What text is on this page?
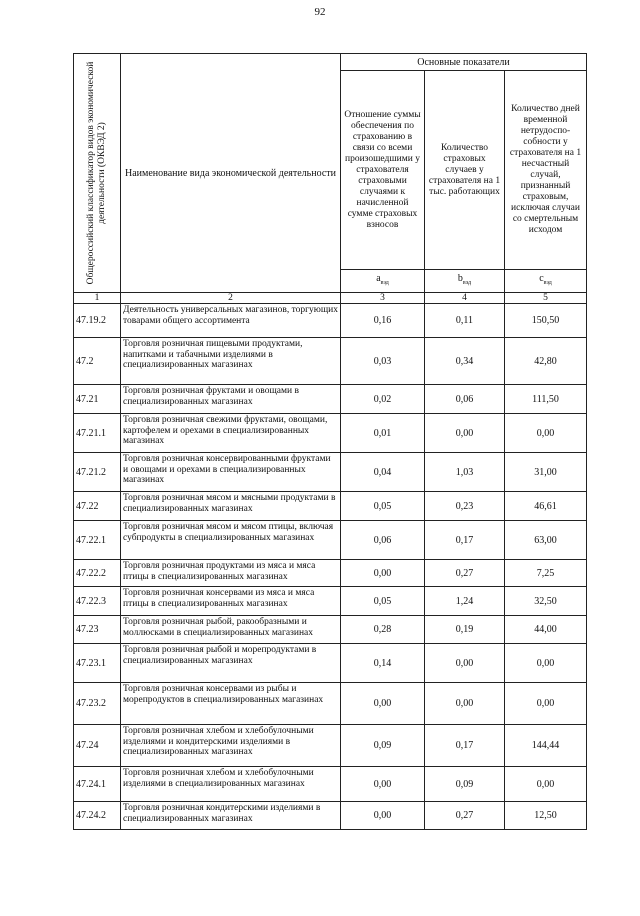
92
Общероссийский классификатор видов экономической деятельности (ОКВЭД 2)	Наименование вида экономической деятельности	Основные показатели		
		Отношение суммы обеспечения по страхованию в связи со всеми произошедшими у страхователя страховыми случаями к начисленной сумме страховых взносов	Количество страховых случаев у страхователя на 1 тыс. работающих	Количество дней временной нетрудоспо-собности у страхователя на 1 несчастный случай, признанный страховым, исключая случаи со смертельным исходом
		$a_{вэд}$	$b_{вэд}$	$c_{вэд}$
1	2	3	4	5
47.19.2	Деятельность универсальных магазинов, торгующих товарами общего ассортимента	0,16	0,11	150,50
47.2	Торговля розничная пищевыми продуктами, напитками и табачными изделиями в специализированных магазинах	0,03	0,34	42,80
47.21	Торговля розничная фруктами и овощами в специализированных магазинах	0,02	0,06	111,50
47.21.1	Торговля розничная свежими фруктами, овощами, картофелем и орехами в специализированных магазинах	0,01	0,00	0,00
47.21.2	Торговля розничная консервированными фруктами и овощами и орехами в специализированных магазинах	0,04	1,03	31,00
47.22	Торговля розничная мясом и мясными продуктами в специализированных магазинах	0,05	0,23	46,61
47.22.1	Торговля розничная мясом и мясом птицы, включая субпродукты в специализированных магазинах	0,06	0,17	63,00
47.22.2	Торговля розничная продуктами из мяса и мяса птицы в специализированных магазинах	0,00	0,27	7,25
47.22.3	Торговля розничная консервами из мяса и мяса птицы в специализированных магазинах	0,05	1,24	32,50
47.23	Торговля розничная рыбой, ракообразными и моллюсками в специализированных магазинах	0,28	0,19	44,00
47.23.1	Торговля розничная рыбой и морепродуктами в специализированных магазинах	0,14	0,00	0,00
47.23.2	Торговля розничная консервами из рыбы и морепродуктов в специализированных магазинах	0,00	0,00	0,00
47.24	Торговля розничная хлебом и хлебобулочными изделиями и кондитерскими изделиями в специализированных магазинах	0,09	0,17	144,44
47.24.1	Торговля розничная хлебом и хлебобулочными изделиями в специализированных магазинах	0,00	0,09	0,00
47.24.2	Торговля розничная кондитерскими изделиями в специализированных магазинах	0,00	0,27	12,50
